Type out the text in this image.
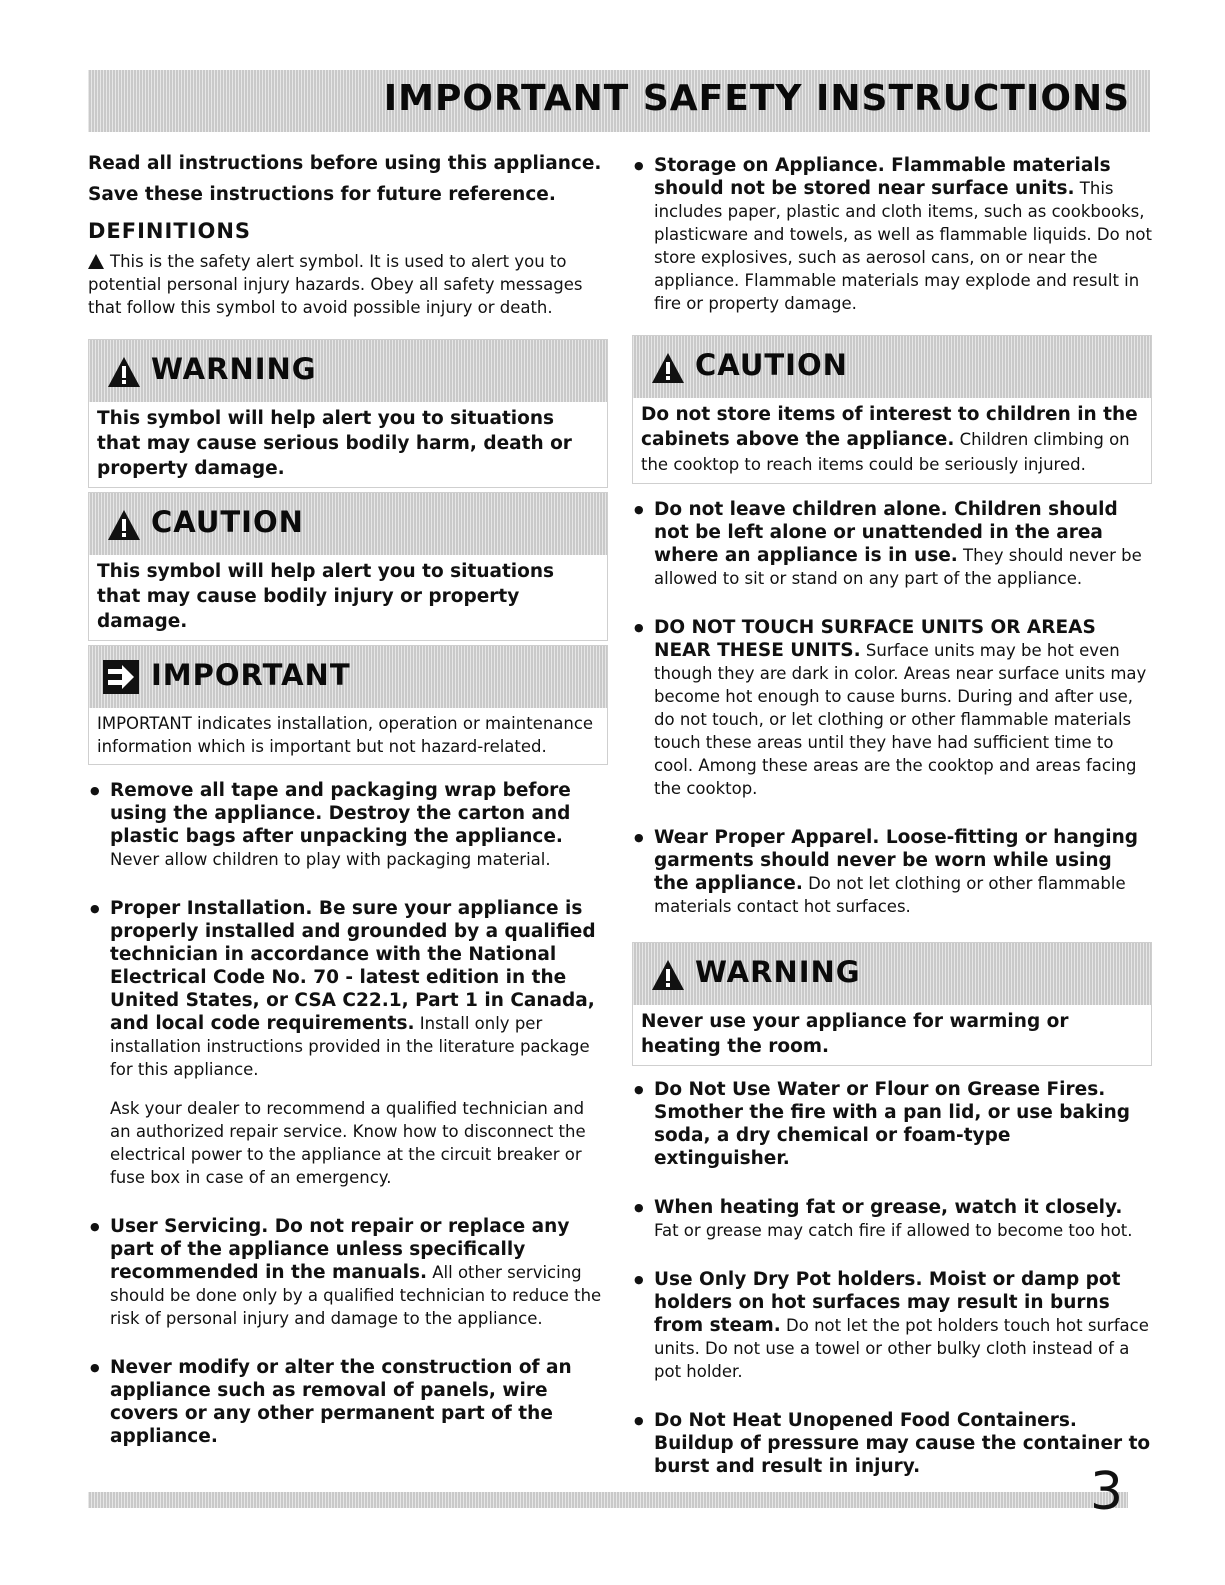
IMPORTANT SAFETY INSTRUCTIONS

Read all instructions before using this appliance.

Save these instructions for future reference.

DEFINITIONS

This is the safety alert symbol. It is used to alert you to potential personal injury hazards. Obey all safety messages that follow this symbol to avoid possible injury or death.

WARNING
This symbol will help alert you to situations that may cause serious bodily harm, death or property damage.
CAUTION
This symbol will help alert you to situations that may cause bodily injury or property damage.
IMPORTANT
IMPORTANT indicates installation, operation or maintenance information which is important but not hazard-related.
● Remove all tape and packaging wrap before using the appliance. Destroy the carton and plastic bags after unpacking the appliance. Never allow children to play with packaging material.
● Proper Installation. Be sure your appliance is properly installed and grounded by a qualified technician in accordance with the National Electrical Code No. 70 - latest edition in the United States, or CSA C22.1, Part 1 in Canada, and local code requirements. Install only per installation instructions provided in the literature package for this appliance.

Ask your dealer to recommend a qualified technician and an authorized repair service. Know how to disconnect the electrical power to the appliance at the circuit breaker or fuse box in case of an emergency.

● User Servicing. Do not repair or replace any part of the appliance unless specifically recommended in the manuals. All other servicing should be done only by a qualified technician to reduce the risk of personal injury and damage to the appliance.
● Never modify or alter the construction of an appliance such as removal of panels, wire covers or any other permanent part of the appliance.
● Storage on Appliance. Flammable materials should not be stored near surface units. This includes paper, plastic and cloth items, such as cookbooks, plasticware and towels, as well as flammable liquids. Do not store explosives, such as aerosol cans, on or near the appliance. Flammable materials may explode and result in fire or property damage.
CAUTION
Do not store items of interest to children in the cabinets above the appliance. Children climbing on the cooktop to reach items could be seriously injured.
● Do not leave children alone. Children should not be left alone or unattended in the area where an appliance is in use. They should never be allowed to sit or stand on any part of the appliance.
● DO NOT TOUCH SURFACE UNITS OR AREAS NEAR THESE UNITS. Surface units may be hot even though they are dark in color. Areas near surface units may become hot enough to cause burns. During and after use, do not touch, or let clothing or other flammable materials touch these areas until they have had sufficient time to cool. Among these areas are the cooktop and areas facing the cooktop.
● Wear Proper Apparel. Loose-fitting or hanging garments should never be worn while using the appliance. Do not let clothing or other flammable materials contact hot surfaces.
WARNING
Never use your appliance for warming or heating the room.
● Do Not Use Water or Flour on Grease Fires. Smother the fire with a pan lid, or use baking soda, a dry chemical or foam-type extinguisher.
● When heating fat or grease, watch it closely. Fat or grease may catch fire if allowed to become too hot.
● Use Only Dry Pot holders. Moist or damp pot holders on hot surfaces may result in burns from steam. Do not let the pot holders touch hot surface units. Do not use a towel or other bulky cloth instead of a pot holder.
● Do Not Heat Unopened Food Containers. Buildup of pressure may cause the container to burst and result in injury.	3
